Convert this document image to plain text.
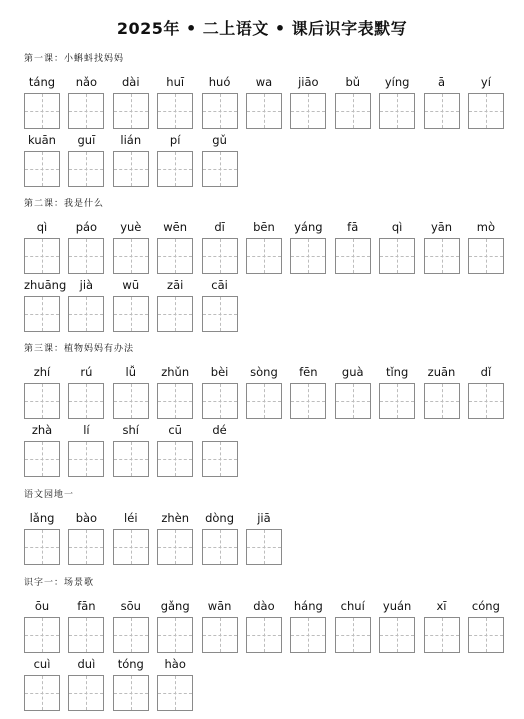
2025年 • 二上语文 • 课后识字表默写
第一课：小蝌蚪找妈妈
táng	nǎo	dài	huī	huó	wa	jiāo	bǔ	yíng	ā	yí
kuān	guī	lián	pí	gǔ
第二课：我是什么
qì	páo	yuè	wēn	dī	bēn	yáng	fā	qì	yān	mò
zhuāng	jià	wū	zāi	cāi
第三课：植物妈妈有办法
zhí	rú	lǚ	zhǔn	bèi	sòng	fēn	guà	tǐng	zuān	dǐ
zhà	lí	shí	cū	dé
语文园地一
lǎng	bào	léi	zhèn	dòng	jiā
识字一：场景歌
ōu	fān	sōu	gǎng	wān	dào	háng	chuí	yuán	xī	cóng
cuì	duì	tóng	hào
